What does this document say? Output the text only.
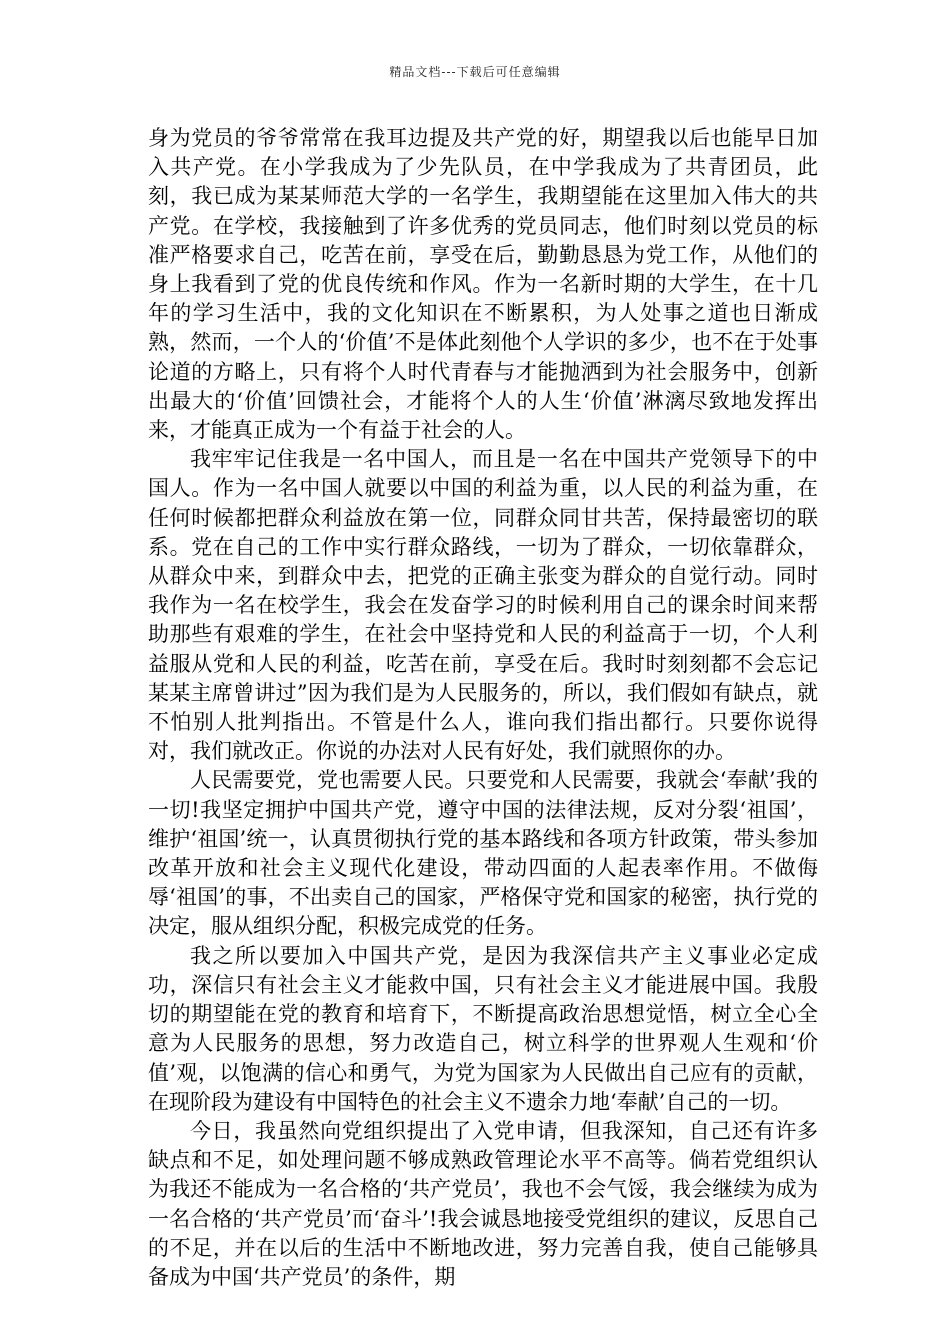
精品文档---下载后可任意编辑

身为党员的爷爷常常在我耳边提及共产党的好，期望我以后也能早日加入共产党。在小学我成为了少先队员，在中学我成为了共青团员，此刻，我已成为某某师范大学的一名学生，我期望能在这里加入伟大的共产党。在学校，我接触到了许多优秀的党员同志，他们时刻以党员的标准严格要求自己，吃苦在前，享受在后，勤勤恳恳为党工作，从他们的身上我看到了党的优良传统和作风。作为一名新时期的大学生，在十几年的学习生活中，我的文化知识在不断累积，为人处事之道也日渐成熟，然而，一个人的‘价值’不是体此刻他个人学识的多少，也不在于处事论道的方略上，只有将个人时代青春与才能抛洒到为社会服务中，创新出最大的‘价值’回馈社会，才能将个人的人生‘价值’淋漓尽致地发挥出来，才能真正成为一个有益于社会的人。

我牢牢记住我是一名中国人，而且是一名在中国共产党领导下的中国人。作为一名中国人就要以中国的利益为重，以人民的利益为重，在任何时候都把群众利益放在第一位，同群众同甘共苦，保持最密切的联系。党在自己的工作中实行群众路线，一切为了群众，一切依靠群众，从群众中来，到群众中去，把党的正确主张变为群众的自觉行动。同时我作为一名在校学生，我会在发奋学习的时候利用自己的课余时间来帮助那些有艰难的学生，在社会中坚持党和人民的利益高于一切，个人利益服从党和人民的利益，吃苦在前，享受在后。我时时刻刻都不会忘记某某主席曾讲过”因为我们是为人民服务的，所以，我们假如有缺点，就不怕别人批判指出。不管是什么人，谁向我们指出都行。只要你说得对，我们就改正。你说的办法对人民有好处，我们就照你的办。

人民需要党，党也需要人民。只要党和人民需要，我就会‘奉献’我的一切!我坚定拥护中国共产党，遵守中国的法律法规，反对分裂‘祖国’，维护‘祖国’统一，认真贯彻执行党的基本路线和各项方针政策，带头参加改革开放和社会主义现代化建设，带动四面的人起表率作用。不做侮辱‘祖国’的事，不出卖自己的国家，严格保守党和国家的秘密，执行党的决定，服从组织分配，积极完成党的任务。

我之所以要加入中国共产党，是因为我深信共产主义事业必定成功，深信只有社会主义才能救中国，只有社会主义才能进展中国。我殷切的期望能在党的教育和培育下，不断提高政治思想觉悟，树立全心全意为人民服务的思想，努力改造自己，树立科学的世界观人生观和‘价值’观，以饱满的信心和勇气，为党为国家为人民做出自己应有的贡献，在现阶段为建设有中国特色的社会主义不遗余力地‘奉献’自己的一切。

今日，我虽然向党组织提出了入党申请，但我深知，自己还有许多缺点和不足，如处理问题不够成熟政管理论水平不高等。倘若党组织认为我还不能成为一名合格的‘共产党员’，我也不会气馁，我会继续为成为一名合格的‘共产党员’而‘奋斗’!我会诚恳地接受党组织的建议，反思自己的不足，并在以后的生活中不断地改进，努力完善自我，使自己能够具备成为中国‘共产党员’的条件，期
